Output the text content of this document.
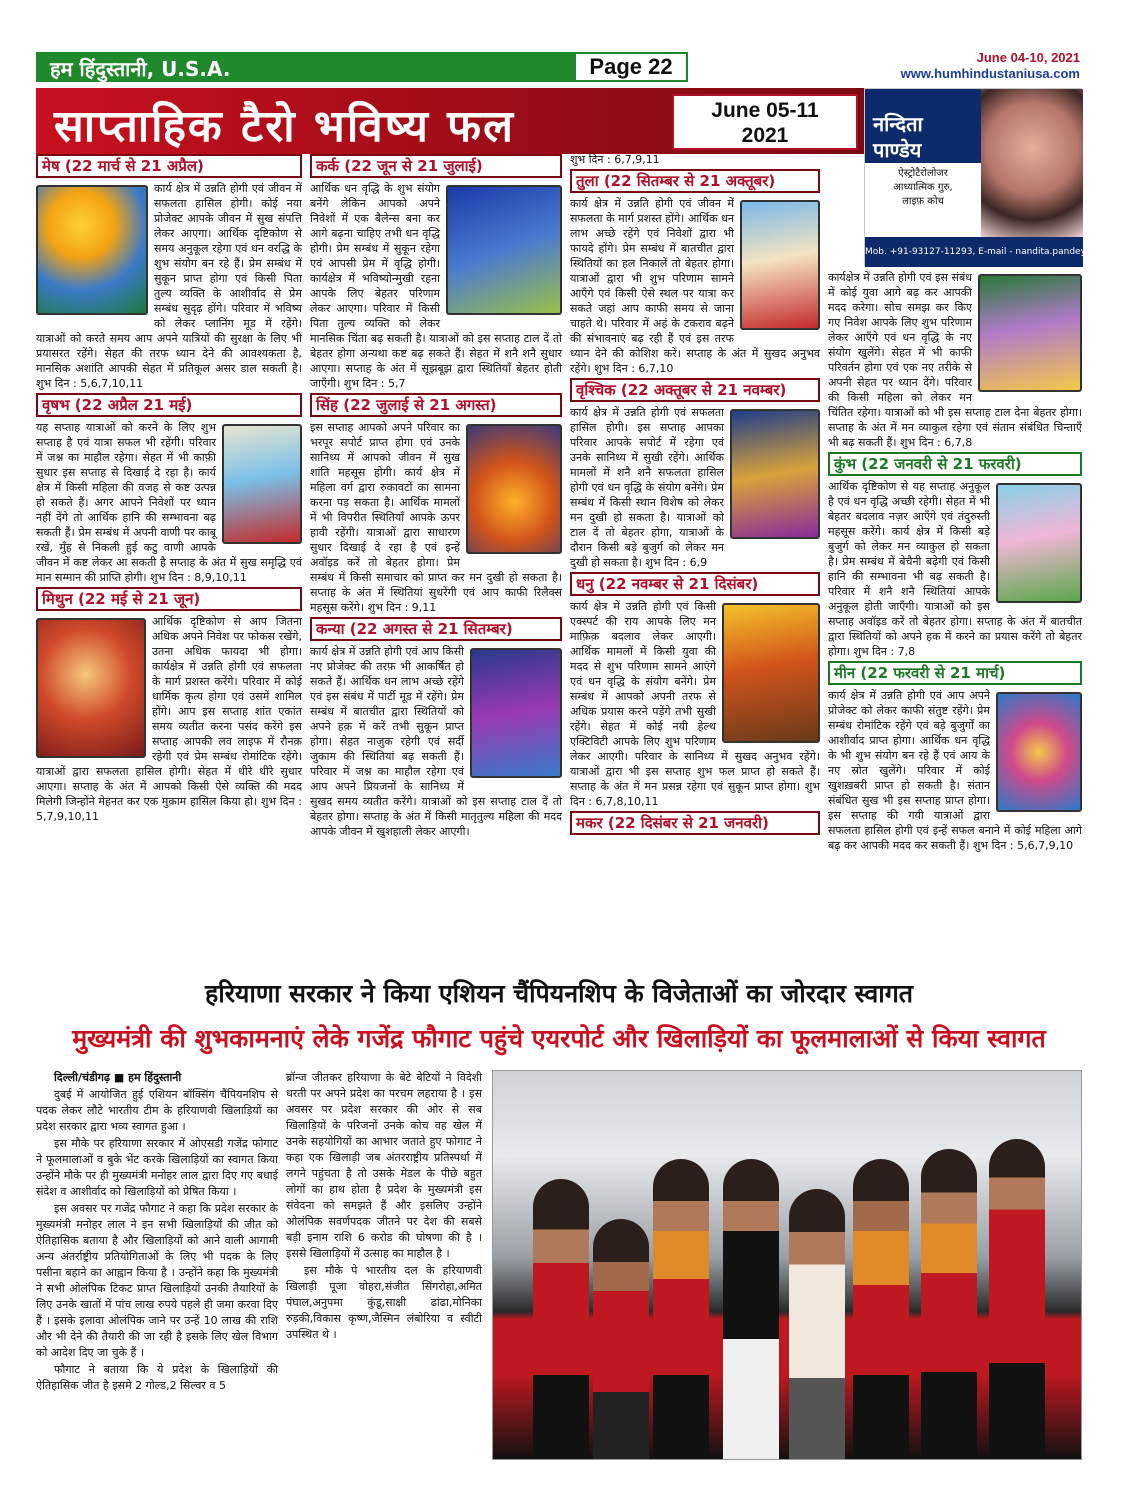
हम हिंदुस्तानी, U.S.A.	Page 22	June 04-10, 2021
www.humhindustaniusa.com
साप्ताहिक टैरो भविष्य फल	June 05-11
2021	नन्दिता
पाण्डेय
ऐस्ट्रोटैरोलोजर
आध्यात्मिक गुरु,
लाइफ़ कोच
Mob. +91-93127-11293, E-mail - nandita.pandey@gmail.com
मेष (22 मार्च से 21 अप्रैल)

कार्य क्षेत्र में उन्नति होगी एवं जीवन में सफलता हासिल होगी। कोई नया प्रोजेक्ट आपके जीवन में सुख संपत्ति लेकर आएगा। आर्थिक दृष्टिकोण से समय अनुकूल रहेगा एवं धन वरद्धि के शुभ संयोग बन रहे हैं। प्रेम सम्बंध में सुकून प्राप्त होगा एवं किसी पिता तुल्य व्यक्ति के आशीर्वाद से प्रेम सम्बंध सुदृढ़ होंगे। परिवार में भविष्य को लेकर प्लानिंग मूड में रहेंगे। यात्राओं को करते समय आप अपने यात्रियों की सुरक्षा के लिए भी प्रयासरत रहेंगे। सेहत की तरफ ध्यान देने की आवश्यकता है, मानसिक अशांति आपकी सेहत में प्रतिकूल असर डाल सकती है। शुभ दिन : 5,6,7,10,11

वृषभ (22 अप्रैल 21 मई)

यह सप्ताह यात्राओं को करने के लिए शुभ सप्ताह है एवं यात्रा सफल भी रहेंगी। परिवार में जश्न का माहौल रहेगा। सेहत में भी काफ़ी सुधार इस सप्ताह से दिखाई दे रहा है। कार्य क्षेत्र में किसी महिला की वजह से कष्ट उत्पन्न हो सकते हैं। अगर आपने निवेशों पर ध्यान नहीं देंगे तो आर्थिक हानि की सम्भावना बढ़ सकती हैं। प्रेम सम्बंध में अपनी वाणी पर काबू रखें, मुँह से निकली हुई कटु वाणी आपके जीवन में कष्ट लेकर आ सकती है सप्ताह के अंत में सुख समृद्धि एवं मान सम्मान की प्राप्ति होगी। शुभ दिन : 8,9,10,11

मिथुन (22 मई से 21 जून)

आर्थिक दृष्टिकोण से आप जितना अधिक अपने निवेश पर फोकस रखेंगे, उतना अधिक फायदा भी होगा। कार्यक्षेत्र में उन्नति होगी एवं सफलता के मार्ग प्रशस्त करेंगे। परिवार में कोई धार्मिक कृत्य होगा एवं उसमें शामिल होंगे। आप इस सप्ताह शांत एकांत समय व्यतीत करना पसंद करेंगे इस सप्ताह आपकी लव लाइफ में रौनक़ रहेगी एवं प्रेम सम्बंध रोमांटिक रहेंगे। यात्राओं द्वारा सफलता हासिल होगी। सेहत में धीरे धीरे सुधार आएगा। सप्ताह के अंत में आपको किसी ऐसे व्यक्ति की मदद मिलेगी जिन्होंने मेहनत कर एक मुक़ाम हासिल किया हो। शुभ दिन : 5,7,9,10,11

कर्क (22 जून से 21 जुलाई)

आर्थिक धन वृद्धि के शुभ संयोग बनेंगे लेकिन आपको अपने निवेशों में एक बैलेन्स बना कर आगे बढ़ना चाहिए तभी धन वृद्धि होगी। प्रेम सम्बंध में सुकून रहेगा एवं आपसी प्रेम में वृद्धि होगी। कार्यक्षेत्र में भविष्योन्मुखी रहना आपके लिए बेहतर परिणाम लेकर आएगा। परिवार में किसी पिता तुल्य व्यक्ति को लेकर मानसिक चिंता बढ़ सकती है। यात्राओं को इस सप्ताह टाल दें तो बेहतर होगा अन्यथा कष्ट बढ़ सकते हैं। सेहत में शनै शनै सुधार आएगा। सप्ताह के अंत में सूझबूझ द्वारा स्थितियाँ बेहतर होती जाएँगी। शुभ दिन : 5,7

सिंह (22 जुलाई से 21 अगस्त)

इस सप्ताह आपको अपने परिवार का भरपूर सपोर्ट प्राप्त होगा एवं उनके सानिध्य में आपको जीवन में सुख शांति महसूस होगी। कार्य क्षेत्र में महिला वर्ग द्वारा रुकावटों का सामना करना पड़ सकता है। आर्थिक मामलों में भी विपरीत स्थितियाँ आपके ऊपर हावी रहेंगी। यात्राओं द्वारा साधारण सुधार दिखाई दे रहा है एवं इन्हें अवॉइड करें तो बेहतर होगा। प्रेम सम्बंध में किसी समाचार को प्राप्त कर मन दुखी हो सकता है। सप्ताह के अंत में स्थितियां सुधरेंगी एवं आप काफी रिलैक्स महसूस करेंगे। शुभ दिन : 9,11

कन्या (22 अगस्त से 21 सितम्बर)

कार्य क्षेत्र में उन्नति होगी एवं आप किसी नए प्रोजेक्ट की तरफ़ भी आकर्षित हो सकते हैं। आर्थिक धन लाभ अच्छे रहेंगे एवं इस संबंध में पार्टी मूड में रहेंगे। प्रेम सम्बंध में बातचीत द्वारा स्थितियों को अपने हक़ में करें तभी सुकून प्राप्त होगा। सेहत नाज़ुक रहेगी एवं सर्दी जुकाम की स्थितियां बढ़ सकती हैं। परिवार में जश्न का माहौल रहेगा एवं आप अपने प्रियजनों के सानिध्य में सुखद समय व्यतीत करेंगे। यात्राओं को इस सप्ताह टाल दें तो बेहतर होगा। सप्ताह के अंत में किसी मातृतुल्य महिला की मदद आपके जीवन में खुशहाली लेकर आएगी।

शुभ दिन : 6,7,9,11

तुला (22 सितम्बर से 21 अक्तूबर)

कार्य क्षेत्र में उन्नति होगी एवं जीवन में सफलता के मार्ग प्रशस्त होंगे। आर्थिक धन लाभ अच्छे रहेंगे एवं निवेशों द्वारा भी फायदे होंगे। प्रेम सम्बंध में बातचीत द्वारा स्थितियों का हल निकालें तो बेहतर होगा। यात्राओं द्वारा भी शुभ परिणाम सामने आएँगे एवं किसी ऐसे स्थल पर यात्रा कर सकते जहां आप काफी समय से जाना चाहते थे। परिवार में अहं के टकराव बढ़ने की संभावनाएं बढ़ रही हैं एवं इस तरफ ध्यान देने की कोशिश करें। सप्ताह के अंत में सुखद अनुभव रहेंगे। शुभ दिन : 6,7,10

वृश्चिक (22 अक्तूबर से 21 नवम्बर)

कार्य क्षेत्र में उन्नति होगी एवं सफलता हासिल होगी। इस सप्ताह आपका परिवार आपके सपोर्ट में रहेगा एवं उनके सानिध्य में सुखी रहेंगे। आर्थिक मामलों में शनै शनै सफलता हासिल होगी एवं धन वृद्धि के संयोग बनेंगे। प्रेम सम्बंध में किसी स्थान विशेष को लेकर मन दुखी हो सकता है। यात्राओं को टाल दें तो बेहतर होगा, यात्राओं के दौरान किसी बड़े बुजुर्ग को लेकर मन दुखी हो सकता है। शुभ दिन : 6,9

धनु (22 नवम्बर से 21 दिसंबर)

कार्य क्षेत्र में उन्नति होगी एवं किसी एक्स्पर्ट की राय आपके लिए मन माफ़िक़ बदलाव लेकर आएगी। आर्थिक मामलों में किसी युवा की मदद से शुभ परिणाम सामने आएंगे एवं धन वृद्धि के संयोग बनेंगे। प्रेम सम्बंध में आपको अपनी तरफ से अधिक प्रयास करने पड़ेंगे तभी सुखी रहेंगे। सेहत में कोई नयी हेल्थ एक्टिविटी आपके लिए शुभ परिणाम लेकर आएगी। परिवार के सानिध्य में सुखद अनुभव रहेंगे। यात्राओं द्वारा भी इस सप्ताह शुभ फल प्राप्त हो सकते हैं। सप्ताह के अंत में मन प्रसन्न रहेगा एवं सुकून प्राप्त होगा। शुभ दिन : 6,7,8,10,11

मकर (22 दिसंबर से 21 जनवरी)

कार्यक्षेत्र में उन्नति होगी एवं इस संबंध में कोई युवा आगे बढ़ कर आपकी मदद करेगा। सोच समझ कर किए गए निवेश आपके लिए शुभ परिणाम लेकर आएँगे एवं धन वृद्धि के नए संयोग खुलेंगे। सेहत में भी काफी परिवर्तन होगा एवं एक नए तरीके से अपनी सेहत पर ध्यान देंगे। परिवार की किसी महिला को लेकर मन चिंतित रहेगा। यात्राओं को भी इस सप्ताह टाल देना बेहतर होगा। सप्ताह के अंत में मन व्याकुल रहेगा एवं संतान संबंधित चिन्ताएँ भी बढ़ सकती हैं। शुभ दिन : 6,7,8

कुंभ (22 जनवरी से 21 फरवरी)

आर्थिक दृष्टिकोण से यह सप्ताह अनुकूल है एवं धन वृद्धि अच्छी रहेगी। सेहत में भी बेहतर बदलाव नज़र आएँगे एवं तंदुरुस्ती महसूस करेंगे। कार्य क्षेत्र में किसी बड़े बुजुर्ग को लेकर मन व्याकुल हो सकता है। प्रेम सम्बंध में बेचैनी बढ़ेगी एवं किसी हानि की सम्भावना भी बढ़ सकती है। परिवार में शनै शनै स्थितियां आपके अनुकूल होती जाएँगी। यात्राओं को इस सप्ताह अवॉइड करें तो बेहतर होगा। सप्ताह के अंत में बातचीत द्वारा स्थितियों को अपने हक में करने का प्रयास करेंगे तो बेहतर होगा। शुभ दिन : 7,8

मीन (22 फरवरी से 21 मार्च)

कार्य क्षेत्र में उन्नति होगी एवं आप अपने प्रोजेक्ट को लेकर काफी संतुष्ट रहेंगे। प्रेम सम्बंध रोमांटिक रहेंगे एवं बड़े बुजुर्गों का आशीर्वाद प्राप्त होगा। आर्थिक धन वृद्धि के भी शुभ संयोग बन रहे हैं एवं आय के नए स्रोत खुलेंगे। परिवार में कोई खुशख़बरी प्राप्त हो सकती है। संतान संबंधित सुख भी इस सप्ताह प्राप्त होगा। इस सप्ताह की गयी यात्राओं द्वारा सफलता हासिल होगी एवं इन्हें सफल बनाने में कोई महिला आगे बढ़ कर आपकी मदद कर सकती हैं। शुभ दिन : 5,6,7,9,10

हरियाणा सरकार ने किया एशियन चैंपियनशिप के विजेताओं का जोरदार स्वागत
मुख्यमंत्री की शुभकामनाएं लेके गजेंद्र फौगाट पहुंचे एयरपोर्ट और खिलाड़ियों का फूलमालाओं से किया स्वागत

दिल्ली/चंडीगढ़ ■ हम हिंदुस्तानी

दुबई में आयोजित हुई एशियन बॉक्सिंग चैंपियनशिप से पदक लेकर लौटे भारतीय टीम के हरियाणवी खिलाड़ियों का प्रदेश सरकार द्वारा भव्य स्वागत हुआ ।

इस मौके पर हरियाणा सरकार में ओएसडी गजेंद्र फोगाट ने फूलमालाओं व बुके भेंट करके खिलाड़ियों का स्वागत किया उन्होंने मौके पर ही मुख्यमंत्री मनोहर लाल द्वारा दिए गए बधाई संदेश व आशीर्वाद को खिलाड़ियों को प्रेषित किया ।

इस अवसर पर गजेंद्र फौगाट ने कहा कि प्रदेश सरकार के मुख्यमंत्री मनोहर लाल ने इन सभी खिलाड़ियों की जीत को ऐतिहासिक बताया है और खिलाड़ियों को आने वाली आगामी अन्य अंतर्राष्ट्रीय प्रतियोगिताओं के लिए भी पदक के लिए पसीना बहाने का आह्वान किया है । उन्होंने कहा कि मुख्यमंत्री ने सभी ओलंपिक टिकट प्राप्त खिलाड़ियों उनकी तैयारियों के लिए उनके खातों में पांच लाख रुपये पहले ही जमा करवा दिए हैं । इसके इलावा ओलंपिक जाने पर उन्हें 10 लाख की राशि और भी देने की तैयारी की जा रही है इसके लिए खेल विभाग को आदेश दिए जा चुके हैं ।

फौगाट ने बताया कि ये प्रदेश के खिलाड़ियों की ऐतिहासिक जीत है इसमे 2 गोल्ड,2 सिल्वर व 5

ब्रॉन्ज जीतकर हरियाणा के बेटे बेटियों ने विदेशी धरती पर अपने प्रदेश का परचम लहराया है । इस अवसर पर प्रदेश सरकार की ओर से सब खिलाड़ियों के परिजनों उनके कोच वह खेल में उनके सहयोगियों का आभार जताते हुए फोगाट ने कहा एक खिलाड़ी जब अंतरराष्ट्रीय प्रतिस्पर्धा में लगने पहुंचता है तो उसके मेडल के पीछे बहुत लोगों का हाथ होता है प्रदेश के मुख्यमंत्री इस संवेदना को समझते हैं और इसलिए उन्होंने ओलंपिक सवर्णपदक जीतने पर देश की सबसे बड़ी इनाम राशि 6 करोड की घोषणा की है । इससे खिलाड़ियों में उत्साह का माहौल है ।

इस मौके पे भारतीय दल के हरियाणवी खिलाड़ी पूजा वोहरा,संजीत सिंगरोहा,अमित पंघाल,अनुपमा कुंडू,साक्षी ढांढा,मोनिका रुड़की,विकास कृष्ण,जैस्मिन लंबोरिया व स्वीटी उपस्थित थे ।
